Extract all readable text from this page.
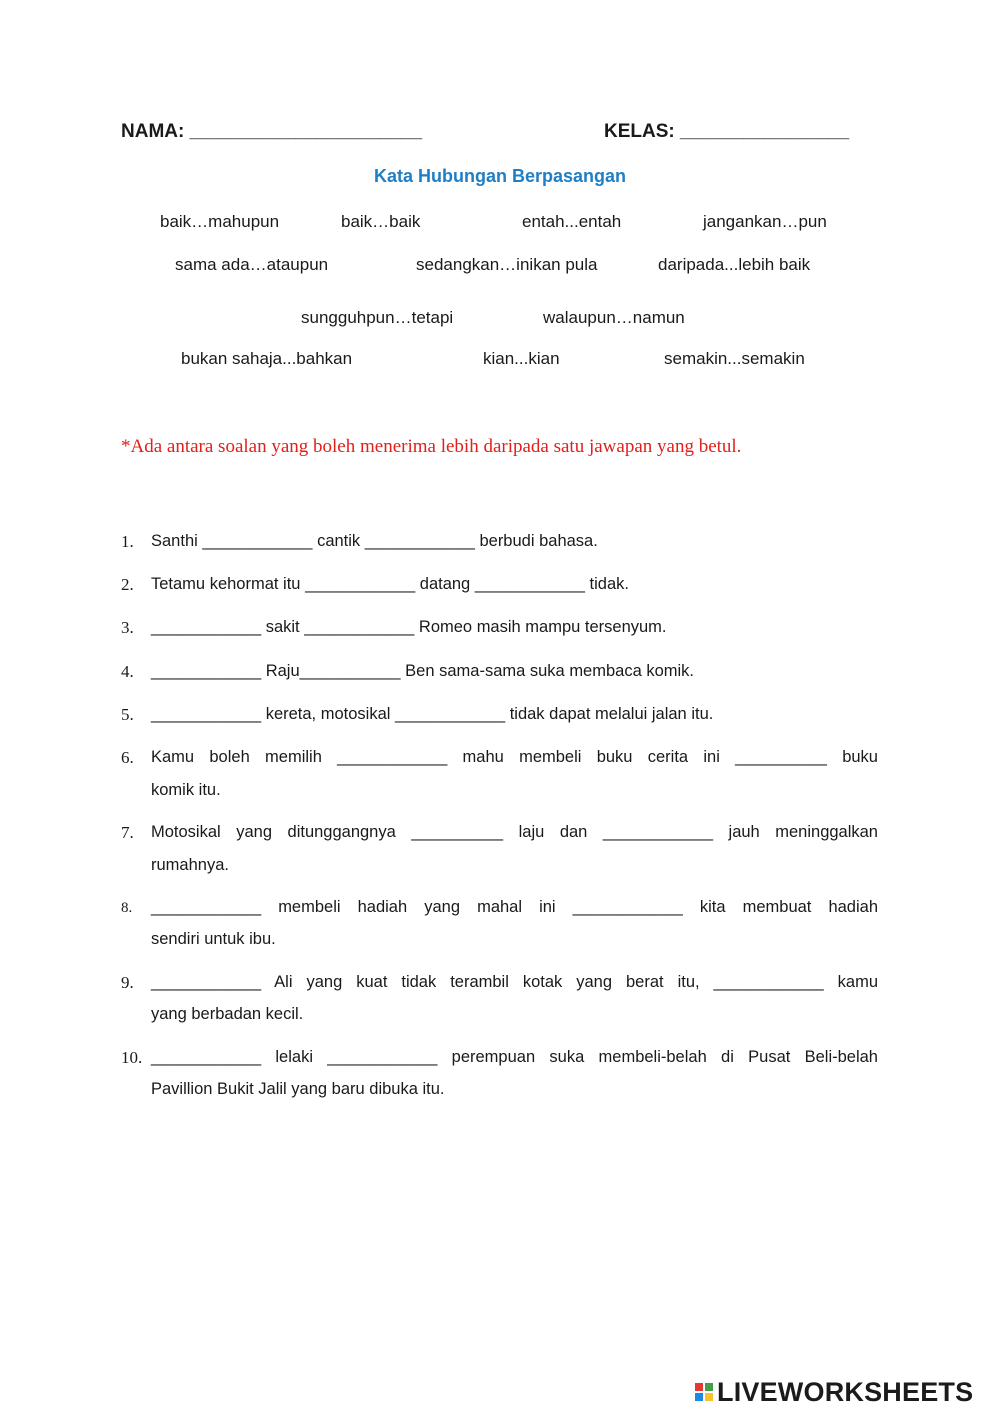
NAMA: ______________________	KELAS: ________________
Kata Hubungan Berpasangan
baik…mahupun	baik…baik	entah...entah	jangankan…pun
sama ada…ataupun	sedangkan…inikan pula	daripada...lebih baik
sungguhpun…tetapi	walaupun…namun
bukan sahaja...bahkan	kian...kian	semakin...semakin
*Ada antara soalan yang boleh menerima lebih daripada satu jawapan yang betul.
1. Santhi ____________ cantik ____________ berbudi bahasa.
2. Tetamu kehormat itu ____________ datang ____________ tidak.
3. ____________ sakit ____________ Romeo masih mampu tersenyum.
4. ____________ Raju___________ Ben sama-sama suka membaca komik.
5. ____________ kereta, motosikal ____________ tidak dapat melalui jalan itu.
6. Kamu boleh memilih ____________ mahu membeli buku cerita ini __________ buku
komik itu.
7. Motosikal yang ditunggangnya __________ laju dan ____________ jauh meninggalkan
rumahnya.
8. ____________ membeli hadiah yang mahal ini ____________ kita membuat hadiah
sendiri untuk ibu.
9. ____________ Ali yang kuat tidak terambil kotak yang berat itu, ____________ kamu
yang berbadan kecil.
10. ____________ lelaki ____________ perempuan suka membeli-belah di Pusat Beli-belah
Pavillion Bukit Jalil yang baru dibuka itu.
LIVEWORKSHEETS
